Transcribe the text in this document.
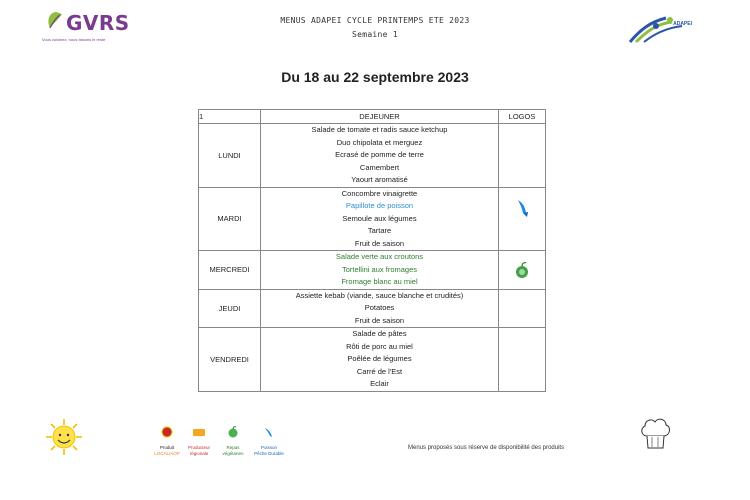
GVRS
Vous cuisinez, nous faisons le reste
MENUS ADAPEI CYCLE PRINTEMPS ETE 2023
Semaine 1
ADAPEI
Du 18 au 22 septembre 2023
1	DEJEUNER	LOGOS
LUNDI	Salade de tomate et radis sauce ketchup
Duo chipolata et merguez
Ecrasé de pomme de terre
Camembert
Yaourt aromatisé	

MARDI	Concombre vinaigrette
Papillote de poisson
Semoule aux légumes
Tartare
Fruit de saison

MERCREDI	Salade verte aux croutons
Tortellini aux fromages
Fromage blanc au miel

JEUDI	Assiette kebab (viande, sauce blanche et crudités)
Potatoes
Fruit de saison	

VENDREDI	Salade de pâtes
Rôti de porc au miel
Poêlée de légumes
Carré de l'Est
Eclair	

Produit
LOCAL/AOP
Producteur
régionale
Repas
végétarien
Poisson
Pêche Durable
Menus proposés sous réserve de disponibilité des produits
